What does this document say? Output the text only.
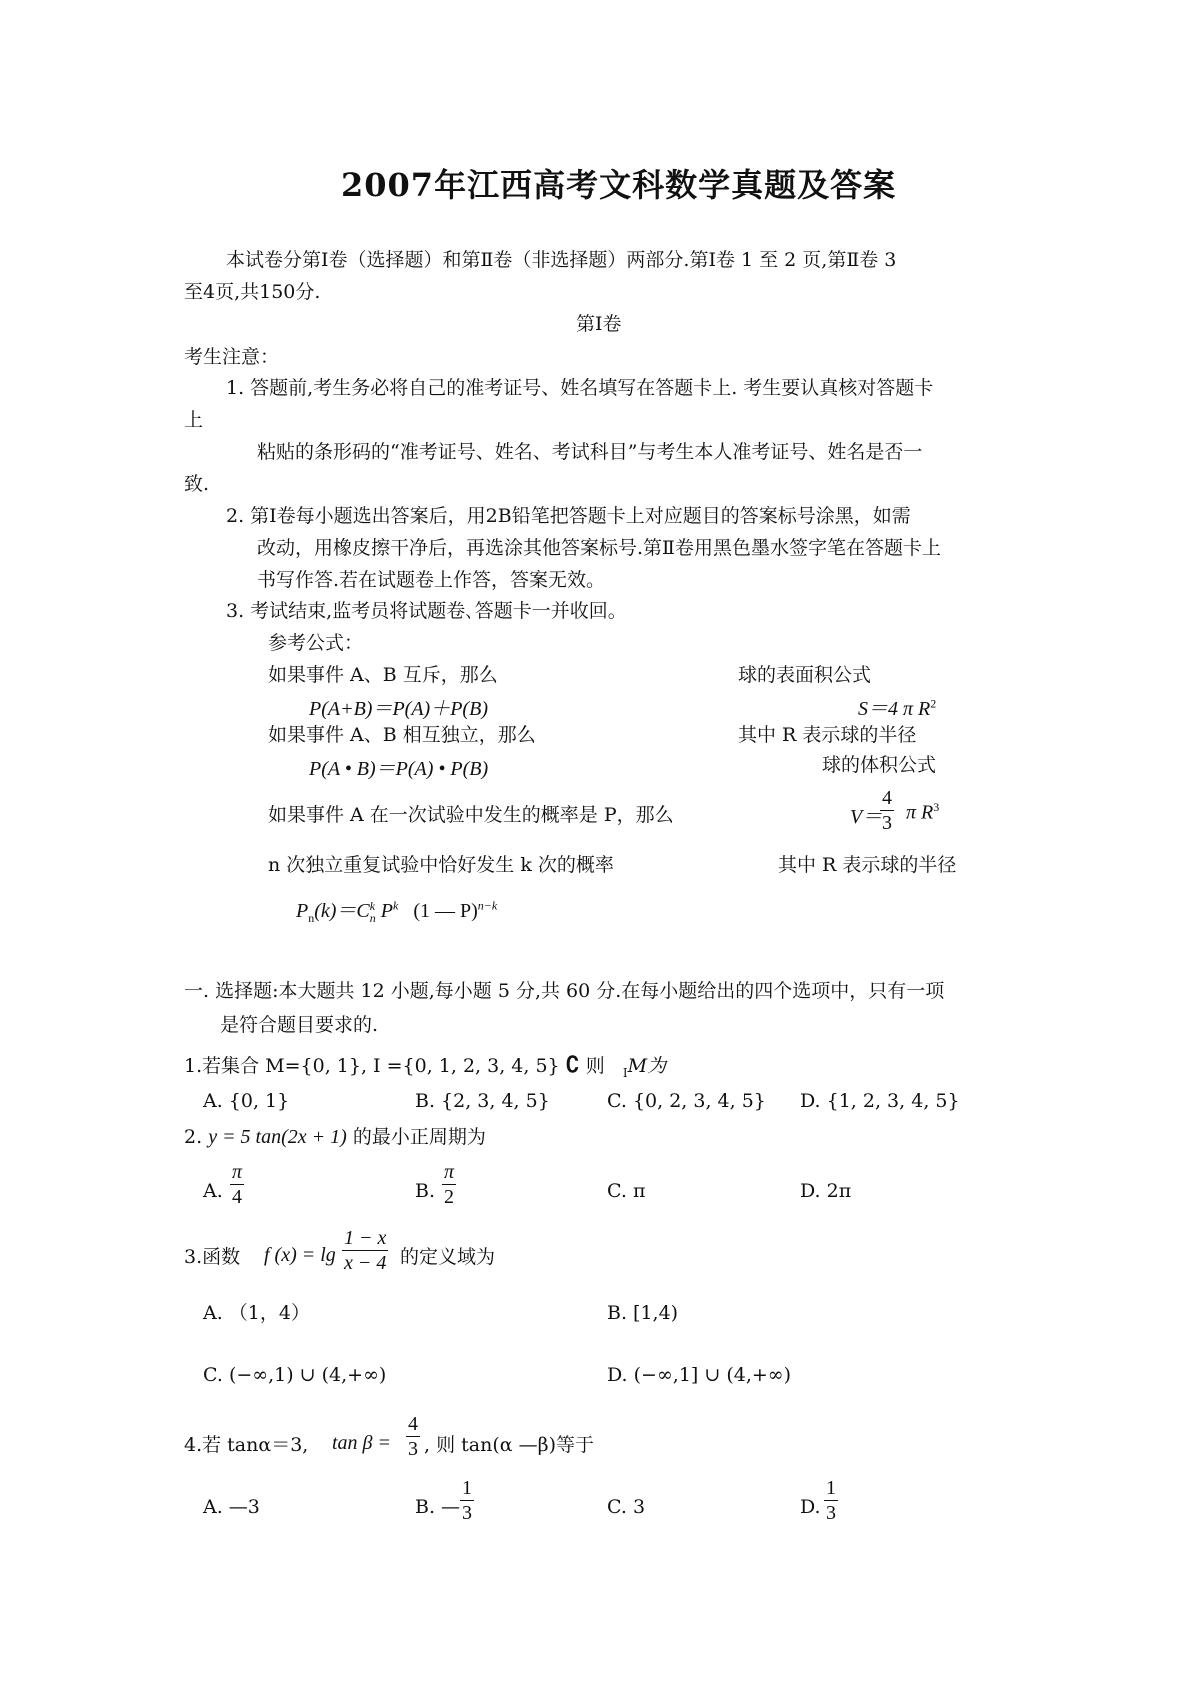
2007年江西高考文科数学真题及答案
本试卷分第Ⅰ卷（选择题）和第Ⅱ卷（非选择题）两部分.第Ⅰ卷 1 至 2 页,第Ⅱ卷 3
至4页,共150分.
第Ⅰ卷
考生注意：
1. 答题前,考生务必将自己的准考证号、姓名填写在答题卡上. 考生要认真核对答题卡
上
粘贴的条形码的“准考证号、姓名、考试科目”与考生本人准考证号、姓名是否一
致.
2. 第Ⅰ卷每小题选出答案后，用2B铅笔把答题卡上对应题目的答案标号涂黑，如需
改动，用橡皮擦干净后，再选涂其他答案标号.第Ⅱ卷用黑色墨水签字笔在答题卡上
书写作答.若在试题卷上作答，答案无效。
3. 考试结束,监考员将试题卷､答题卡一并收回。
参考公式：
如果事件 A、B 互斥，那么
P(A+B)＝P(A)＋P(B)
如果事件 A、B 相互独立，那么
P(A • B)＝P(A) • P(B)
如果事件 A 在一次试验中发生的概率是 P，那么
n 次独立重复试验中恰好发生 k 次的概率
$P_n(k)=C$ k
n $P^k$ (1 — P)$^{n-k}$
球的表面积公式
S＝4 π $R^2$
其中 R 表示球的半径
球的体积公式
V＝
$\frac{4}{3}$ π $R^3$
其中 R 表示球的半径
一. 选择题:本大题共 12 小题,每小题 5 分,共 60 分.在每小题给出的四个选项中，只有一项
是符合题目要求的.
1.若集合 M={0, 1}, I ={0, 1, 2, 3, 4, 5} ∁ 则 $_I$M为
A. {0, 1}	B. {2, 3, 4, 5}	C. {0, 2, 3, 4, 5} D. {1, 2, 3, 4, 5}
2. y = 5 tan(2x + 1) 的最小正周期为
A. $\frac{\pi}{4}$	B. $\frac{\pi}{2}$	C. π	D. 2π
3.函数 f $(x) = \lg \frac{1 - x}{x - 4}$ 的定义域为
A. （1，4）	B. [1,4)
C. (−∞,1) ∪ (4,+∞)	D. (−∞,1] ∪ (4,+∞)
4.若 tanα＝3, $\tan \beta = \frac{4}{3}$ , 则 tan(α —β)等于
A. —3	B. — $\frac{1}{3}$	C. 3	D. $\frac{1}{3}$
